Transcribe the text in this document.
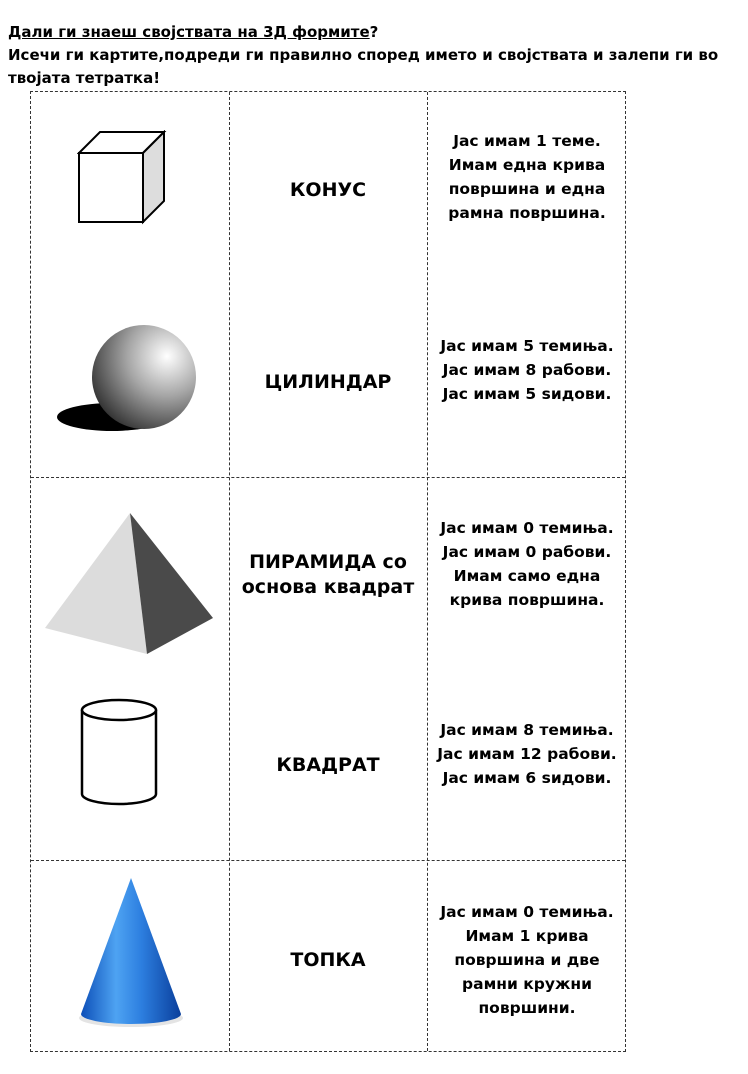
Дали ги знаеш својствата на 3Д формите?
Исечи ги картите,подреди ги правилно според името и својствата и залепи ги во твојата тетратка!
КОНУС
Јас имам 1 теме.
Имам една крива
површина и една
рамна површина.
ЦИЛИНДАР
Јас имам 5 темиња.
Јас имам 8 рабови.
Јас имам 5 ѕидови.
ПИРАМИДА со
основа квадрат
Јас имам 0 темиња.
Јас имам 0 рабови.
Имам само една
крива површина.
КВАДРАТ
Јас имам 8 темиња.
Јас имам 12 рабови.
Јас имам 6 ѕидови.
ТОПКА
Јас имам 0 темиња.
Имам 1 крива
површина и две
рамни кружни
површини.
